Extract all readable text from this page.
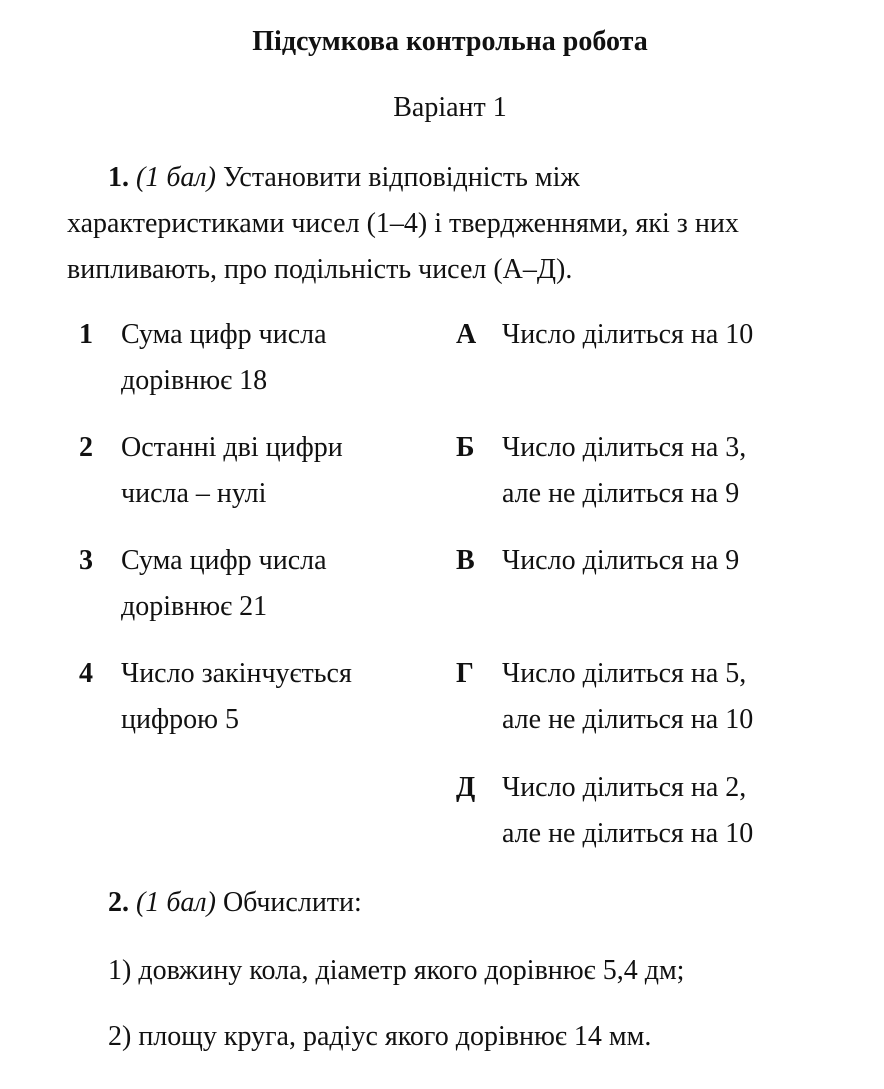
Підсумкова контрольна робота
Варіант 1
1. (1 бал) Установити відповідність між
характеристиками чисел (1–4) і твердженнями, які з них
випливають, про подільність чисел (А–Д).
1 Сума цифр числа
дорівнює 18
А Число ділиться на 10
2 Останні дві цифри
числа – нулі
Б Число ділиться на 3,
але не ділиться на 9
3 Сума цифр числа
дорівнює 21
В Число ділиться на 9
4 Число закінчується
цифрою 5
Г Число ділиться на 5,
але не ділиться на 10
Д Число ділиться на 2,
але не ділиться на 10
2. (1 бал) Обчислити:
1) довжину кола, діаметр якого дорівнює 5,4 дм;
2) площу круга, радіус якого дорівнює 14 мм.
